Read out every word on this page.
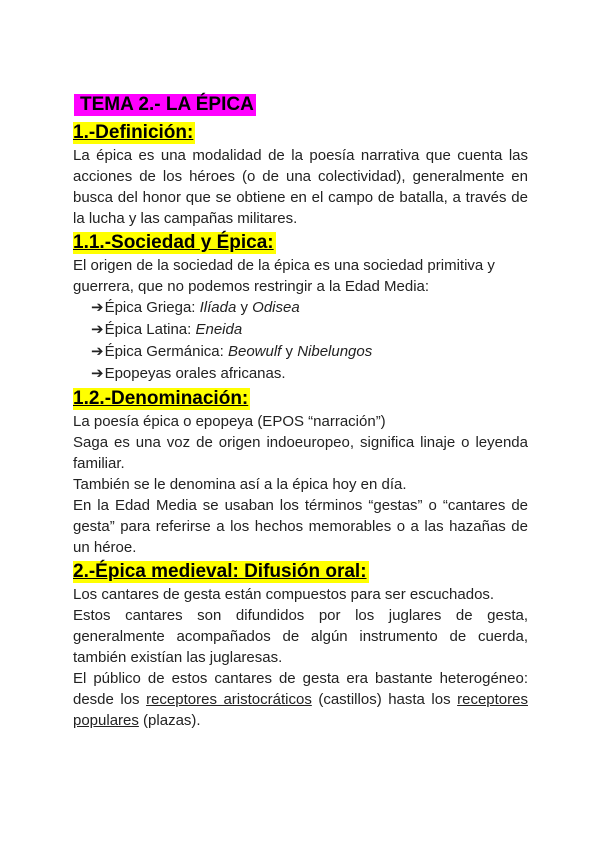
TEMA 2.- LA ÉPICA
1.-Definición:

La épica es una modalidad de la poesía narrativa que cuenta las acciones de los héroes (o de una colectividad), generalmente en busca del honor que se obtiene en el campo de batalla, a través de la lucha y las campañas militares.

1.1.-Sociedad y Épica:

El origen de la sociedad de la épica es una sociedad primitiva y guerrera, que no podemos restringir a la Edad Media:

➔Épica Griega: Ilíada y Odisea
➔Épica Latina: Eneida
➔Épica Germánica: Beowulf y Nibelungos
➔Epopeyas orales africanas.
1.2.-Denominación:

La poesía épica o epopeya (EPOS “narración”)

Saga es una voz de origen indoeuropeo, significa linaje o leyenda familiar.

También se le denomina así a la épica hoy en día.

En la Edad Media se usaban los términos “gestas” o “cantares de gesta” para referirse a los hechos memorables o a las hazañas de un héroe.

2.-Épica medieval: Difusión oral:

Los cantares de gesta están compuestos para ser escuchados.

Estos cantares son difundidos por los juglares de gesta, generalmente acompañados de algún instrumento de cuerda, también existían las juglaresas.

El público de estos cantares de gesta era bastante heterogéneo: desde los receptores aristocráticos (castillos) hasta los receptores populares (plazas).
